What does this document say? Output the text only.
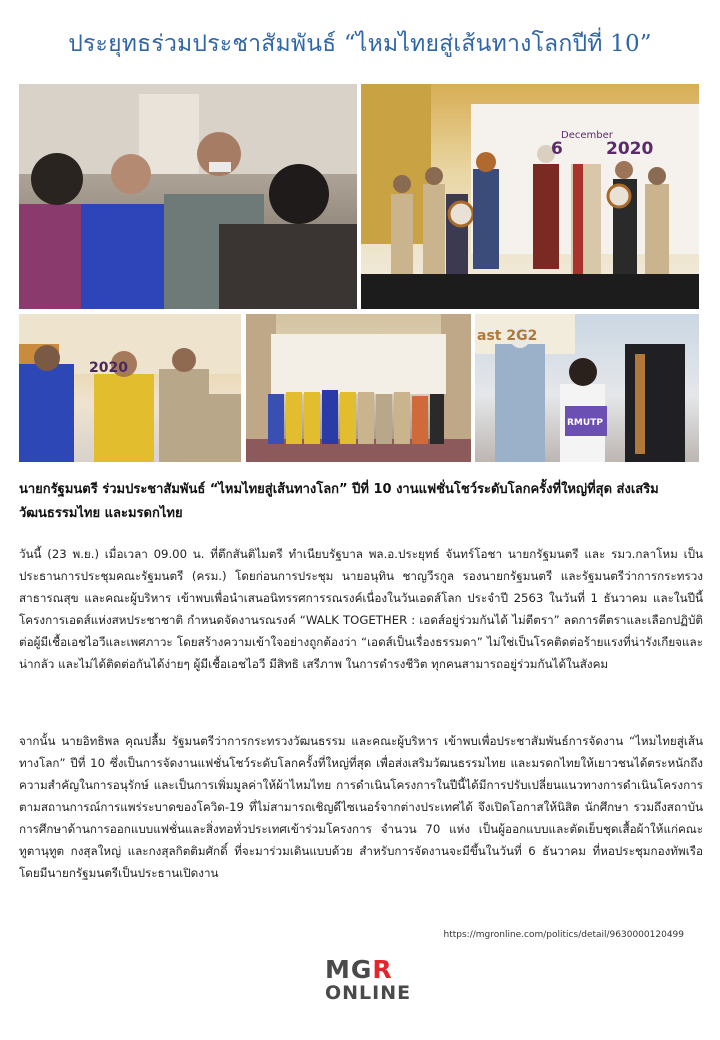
ประยุทธร่วมประชาสัมพันธ์ “ไหมไทยสู่เส้นทางโลกปีที่ 10”
December
2020
6
2020
RMUTP
ast 2G2
นายกรัฐมนตรี ร่วมประชาสัมพันธ์ “ไหมไทยสู่เส้นทางโลก” ปีที่ 10 งานแฟชั่นโชว์ระดับโลกครั้งที่ใหญ่ที่สุด ส่งเสริมวัฒนธรรมไทย และมรดกไทย
วันนี้ (23 พ.ย.) เมื่อเวลา 09.00 น. ที่ตึกสันติไมตรี ทำเนียบรัฐบาล พล.อ.ประยุทธ์ จันทร์โอชา นายกรัฐมนตรี และ รมว.กลาโหม เป็นประธานการประชุมคณะรัฐมนตรี (ครม.) โดยก่อนการประชุม นายอนุทิน ชาญวีรกูล รองนายกรัฐมนตรี และรัฐมนตรีว่าการกระทรวงสาธารณสุข และคณะผู้บริหาร เข้าพบเพื่อนำเสนอนิทรรศการรณรงค์เนื่องในวันเอดส์โลก ประจำปี 2563 ในวันที่ 1 ธันวาคม และในปีนี้โครงการเอดส์แห่งสหประชาชาติ กำหนดจัดงานรณรงค์ “WALK TOGETHER : เอดส์อยู่ร่วมกันได้ ไม่ตีตรา” ลดการตีตราและเลือกปฏิบัติต่อผู้มีเชื้อเอชไอวีและเพศภาวะ โดยสร้างความเข้าใจอย่างถูกต้องว่า “เอดส์เป็นเรื่องธรรมดา” ไม่ใช่เป็นโรคติดต่อร้ายแรงที่น่ารังเกียจและน่ากลัว และไม่ได้ติดต่อกันได้ง่ายๆ ผู้มีเชื้อเอชไอวี มีสิทธิ เสรีภาพ ในการดำรงชีวิต ทุกคนสามารถอยู่ร่วมกันได้ในสังคม
จากนั้น นายอิทธิพล คุณปลื้ม รัฐมนตรีว่าการกระทรวงวัฒนธรรม และคณะผู้บริหาร เข้าพบเพื่อประชาสัมพันธ์การจัดงาน “ไหมไทยสู่เส้นทางโลก” ปีที่ 10 ซึ่งเป็นการจัดงานแฟชั่นโชว์ระดับโลกครั้งที่ใหญ่ที่สุด เพื่อส่งเสริมวัฒนธรรมไทย และมรดกไทยให้เยาวชนได้ตระหนักถึงความสำคัญในการอนุรักษ์ และเป็นการเพิ่มมูลค่าให้ผ้าไหมไทย การดำเนินโครงการในปีนี้ได้มีการปรับเปลี่ยนแนวทางการดำเนินโครงการตามสถานการณ์การแพร่ระบาดของโควิด-19 ที่ไม่สามารถเชิญดีไซเนอร์จากต่างประเทศได้ จึงเปิดโอกาสให้นิสิต นักศึกษา รวมถึงสถาบันการศึกษาด้านการออกแบบแฟชั่นและสิ่งทอทั่วประเทศเข้าร่วมโครงการ จำนวน 70 แห่ง เป็นผู้ออกแบบและตัดเย็บชุดเสื้อผ้าให้แก่คณะทูตานุทูต กงสุลใหญ่ และกงสุลกิตติมศักดิ์ ที่จะมาร่วมเดินแบบด้วย สำหรับการจัดงานจะมีขึ้นในวันที่ 6 ธันวาคม ที่หอประชุมกองทัพเรือ โดยมีนายกรัฐมนตรีเป็นประธานเปิดงาน
https://mgronline.com/politics/detail/9630000120499
MGR
ONLINE
